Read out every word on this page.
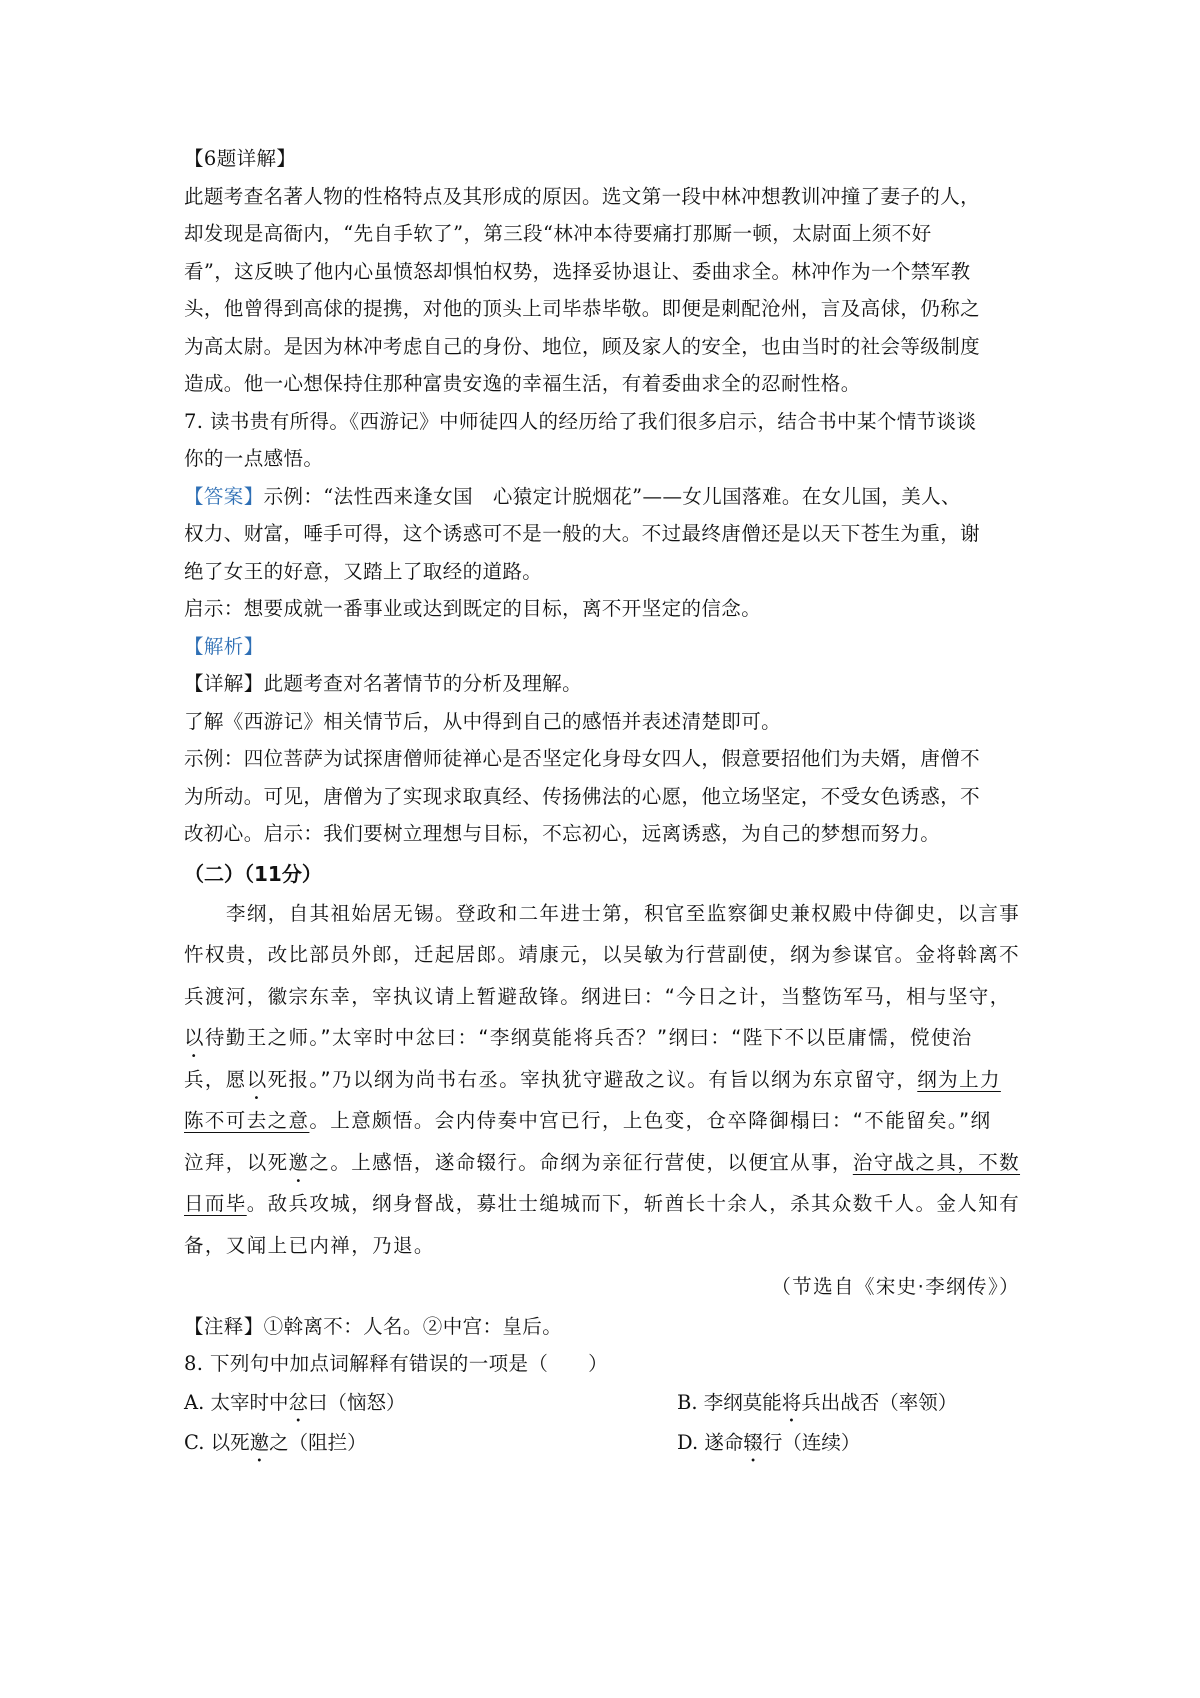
【6题详解】
此题考查名著人物的性格特点及其形成的原因。选文第一段中林冲想教训冲撞了妻子的人，
却发现是高衙内，“先自手软了”，第三段“林冲本待要痛打那厮一顿，太尉面上须不好
看”，这反映了他内心虽愤怒却惧怕权势，选择妥协退让、委曲求全。林冲作为一个禁军教
头，他曾得到高俅的提携，对他的顶头上司毕恭毕敬。即便是刺配沧州，言及高俅，仍称之
为高太尉。是因为林冲考虑自己的身份、地位，顾及家人的安全，也由当时的社会等级制度
造成。他一心想保持住那种富贵安逸的幸福生活，有着委曲求全的忍耐性格。
7. 读书贵有所得。《西游记》中师徒四人的经历给了我们很多启示，结合书中某个情节谈谈
你的一点感悟。
【答案】示例：“法性西来逢女国　心猿定计脱烟花”——女儿国落难。在女儿国，美人、
权力、财富，唾手可得，这个诱惑可不是一般的大。不过最终唐僧还是以天下苍生为重，谢
绝了女王的好意，又踏上了取经的道路。
启示：想要成就一番事业或达到既定的目标，离不开坚定的信念。
【解析】
【详解】此题考查对名著情节的分析及理解。
了解《西游记》相关情节后，从中得到自己的感悟并表述清楚即可。
示例：四位菩萨为试探唐僧师徒禅心是否坚定化身母女四人，假意要招他们为夫婿，唐僧不
为所动。可见，唐僧为了实现求取真经、传扬佛法的心愿，他立场坚定，不受女色诱惑，不
改初心。启示：我们要树立理想与目标，不忘初心，远离诱惑，为自己的梦想而努力。
（二）（11分）
李纲，自其祖始居无锡。登政和二年进士第，积官至监察御史兼权殿中侍御史，以言事
忤权贵，改比部员外郎，迁起居郎。靖康元，以吴敏为行营副使，纲为参谋官。金将斡离不
兵渡河，徽宗东幸，宰执议请上暂避敌锋。纲进曰：“今日之计，当整饬军马，相与坚守，
以待勤王之师。”太宰时中忿曰：“李纲莫能将兵否？”纲曰：“陛下不以臣庸懦，傥使治
兵，愿以死报。”乃以纲为尚书右丞。宰执犹守避敌之议。有旨以纲为东京留守，纲为上力
陈不可去之意。上意颇悟。会内侍奏中宫已行，上色变，仓卒降御榻曰：“不能留矣。”纲
泣拜，以死邀之。上感悟，遂命辍行。命纲为亲征行营使，以便宜从事，治守战之具，不数
日而毕。敌兵攻城，纲身督战，募壮士缒城而下，斩酋长十余人，杀其众数千人。金人知有
备，又闻上已内禅，乃退。
（节选自《宋史·李纲传》）
【注释】①斡离不：人名。②中宫：皇后。
8. 下列句中加点词解释有错误的一项是（　　）
A. 太宰时中忿曰（恼怒）	B. 李纲莫能将兵出战否（率领）
C. 以死邀之（阻拦）	D. 遂命辍行（连续）
